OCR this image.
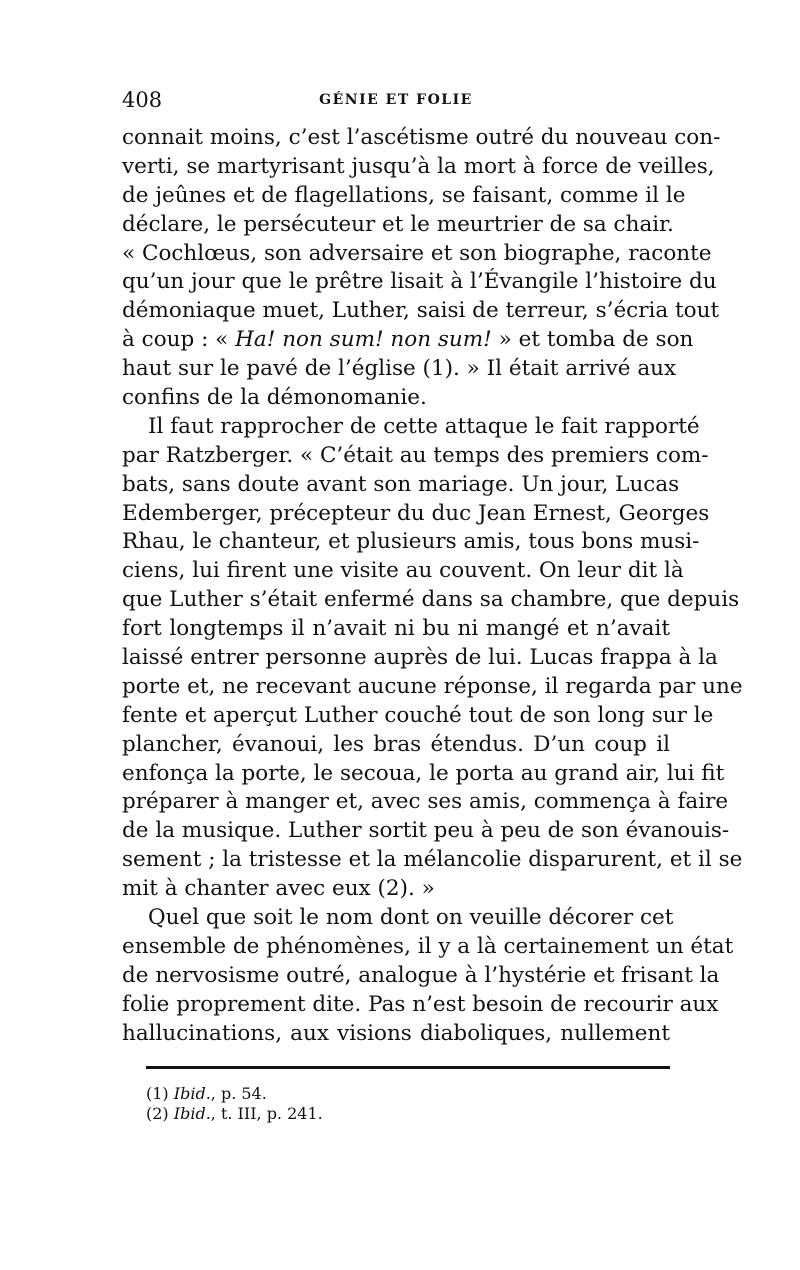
408	GÉNIE ET FOLIE
connait moins, c’est l’ascétisme outré du nouveau con-
verti, se martyrisant jusqu’à la mort à force de veilles,
de jeûnes et de flagellations, se faisant, comme il le
déclare, le persécuteur et le meurtrier de sa chair.
« Cochlœus, son adversaire et son biographe, raconte
qu’un jour que le prêtre lisait à l’Évangile l’histoire du
démoniaque muet, Luther, saisi de terreur, s’écria tout
à coup : « Ha! non sum! non sum! » et tomba de son
haut sur le pavé de l’église (1). » Il était arrivé aux
confins de la démonomanie.
Il faut rapprocher de cette attaque le fait rapporté
par Ratzberger. « C’était au temps des premiers com-
bats, sans doute avant son mariage. Un jour, Lucas
Edemberger, précepteur du duc Jean Ernest, Georges
Rhau, le chanteur, et plusieurs amis, tous bons musi-
ciens, lui firent une visite au couvent. On leur dit là
que Luther s’était enfermé dans sa chambre, que depuis
fort longtemps il n’avait ni bu ni mangé et n’avait
laissé entrer personne auprès de lui. Lucas frappa à la
porte et, ne recevant aucune réponse, il regarda par une
fente et aperçut Luther couché tout de son long sur le
plancher, évanoui, les bras étendus. D’un coup il
enfonça la porte, le secoua, le porta au grand air, lui fit
préparer à manger et, avec ses amis, commença à faire
de la musique. Luther sortit peu à peu de son évanouis-
sement ; la tristesse et la mélancolie disparurent, et il se
mit à chanter avec eux (2). »
Quel que soit le nom dont on veuille décorer cet
ensemble de phénomènes, il y a là certainement un état
de nervosisme outré, analogue à l’hystérie et frisant la
folie proprement dite. Pas n’est besoin de recourir aux
hallucinations, aux visions diaboliques, nullement
(1) Ibid., p. 54.
(2) Ibid., t. III, p. 241.
